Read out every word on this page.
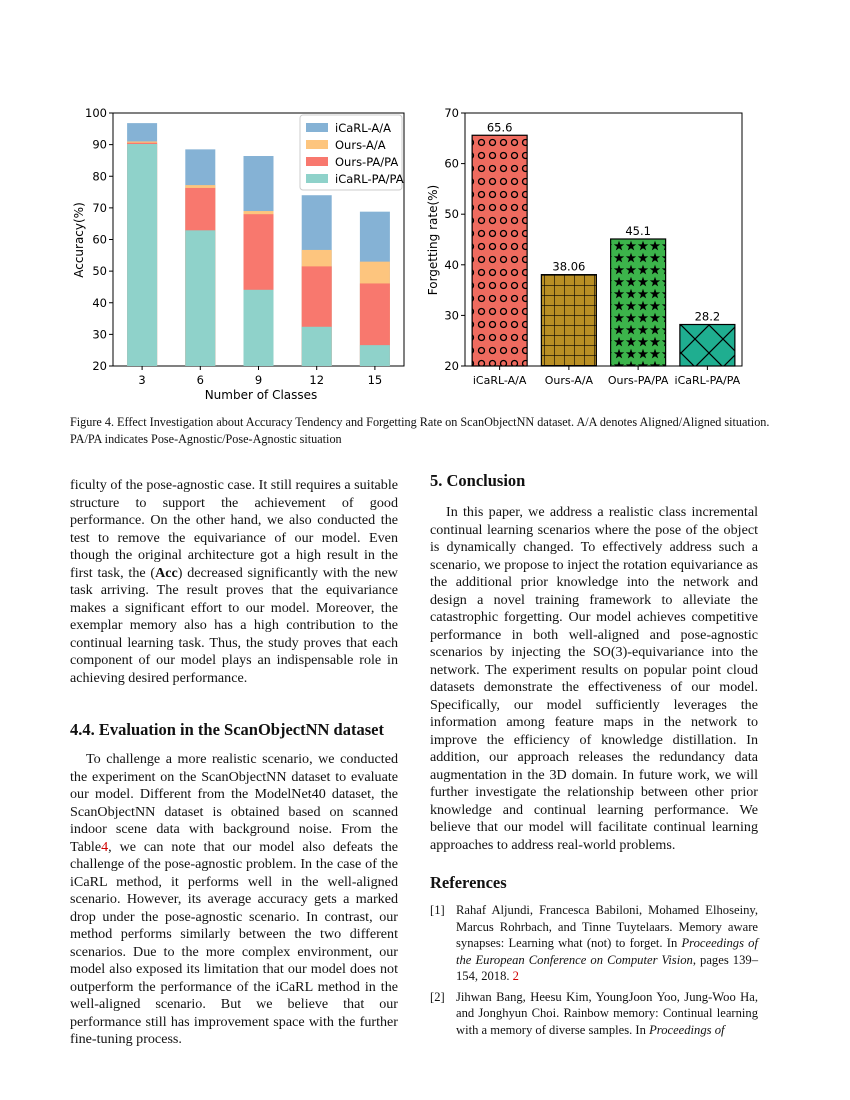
20
30
40
50
60
70
80
90
100
3	6	9	12	15
Accuracy(%)
Number of Classes
iCaRL-A/A
Ours-A/A
Ours-PA/PA
iCaRL-PA/PA
65.6
38.06
45.1
28.2
20
30
40
50
60
70
iCaRL-A/A Ours-A/A Ours-PA/PA iCaRL-PA/PA
Forgetting rate(%)
Figure 4. Effect Investigation about Accuracy Tendency and Forgetting Rate on ScanObjectNN dataset. A/A denotes Aligned/Aligned situation. PA/PA indicates Pose-Agnostic/Pose-Agnostic situation

ficulty of the pose-agnostic case. It still requires a suitable structure to support the achievement of good performance. On the other hand, we also conducted the test to remove the equivariance of our model. Even though the original architecture got a high result in the first task, the (Acc) decreased significantly with the new task arriving. The result proves that the equivariance makes a significant effort to our model. Moreover, the exemplar memory also has a high contribution to the continual learning task. Thus, the study proves that each component of our model plays an indispensable role in achieving desired performance.

4.4. Evaluation in the ScanObjectNN dataset

To challenge a more realistic scenario, we conducted the experiment on the ScanObjectNN dataset to evaluate our model. Different from the ModelNet40 dataset, the ScanObjectNN dataset is obtained based on scanned indoor scene data with background noise. From the Table4, we can note that our model also defeats the challenge of the pose-agnostic problem. In the case of the iCaRL method, it performs well in the well-aligned scenario. However, its average accuracy gets a marked drop under the pose-agnostic scenario. In contrast, our method performs similarly between the two different scenarios. Due to the more complex environment, our model also exposed its limitation that our model does not outperform the performance of the iCaRL method in the well-aligned scenario. But we believe that our performance still has improvement space with the further fine-tuning process.

5. Conclusion

In this paper, we address a realistic class incremental continual learning scenarios where the pose of the object is dynamically changed. To effectively address such a scenario, we propose to inject the rotation equivariance as the additional prior knowledge into the network and design a novel training framework to alleviate the catastrophic forgetting. Our model achieves competitive performance in both well-aligned and pose-agnostic scenarios by injecting the SO(3)-equivariance into the network. The experiment results on popular point cloud datasets demonstrate the effectiveness of our model. Specifically, our model sufficiently leverages the information among feature maps in the network to improve the efficiency of knowledge distillation. In addition, our approach releases the redundancy data augmentation in the 3D domain. In future work, we will further investigate the relationship between other prior knowledge and continual learning performance. We believe that our model will facilitate continual learning approaches to address real-world problems.

References
[1] Rahaf Aljundi, Francesca Babiloni, Mohamed Elhoseiny, Marcus Rohrbach, and Tinne Tuytelaars. Memory aware synapses: Learning what (not) to forget. In Proceedings of the European Conference on Computer Vision, pages 139–154, 2018. 2
[2] Jihwan Bang, Heesu Kim, YoungJoon Yoo, Jung-Woo Ha, and Jonghyun Choi. Rainbow memory: Continual learning with a memory of diverse samples. In Proceedings of
